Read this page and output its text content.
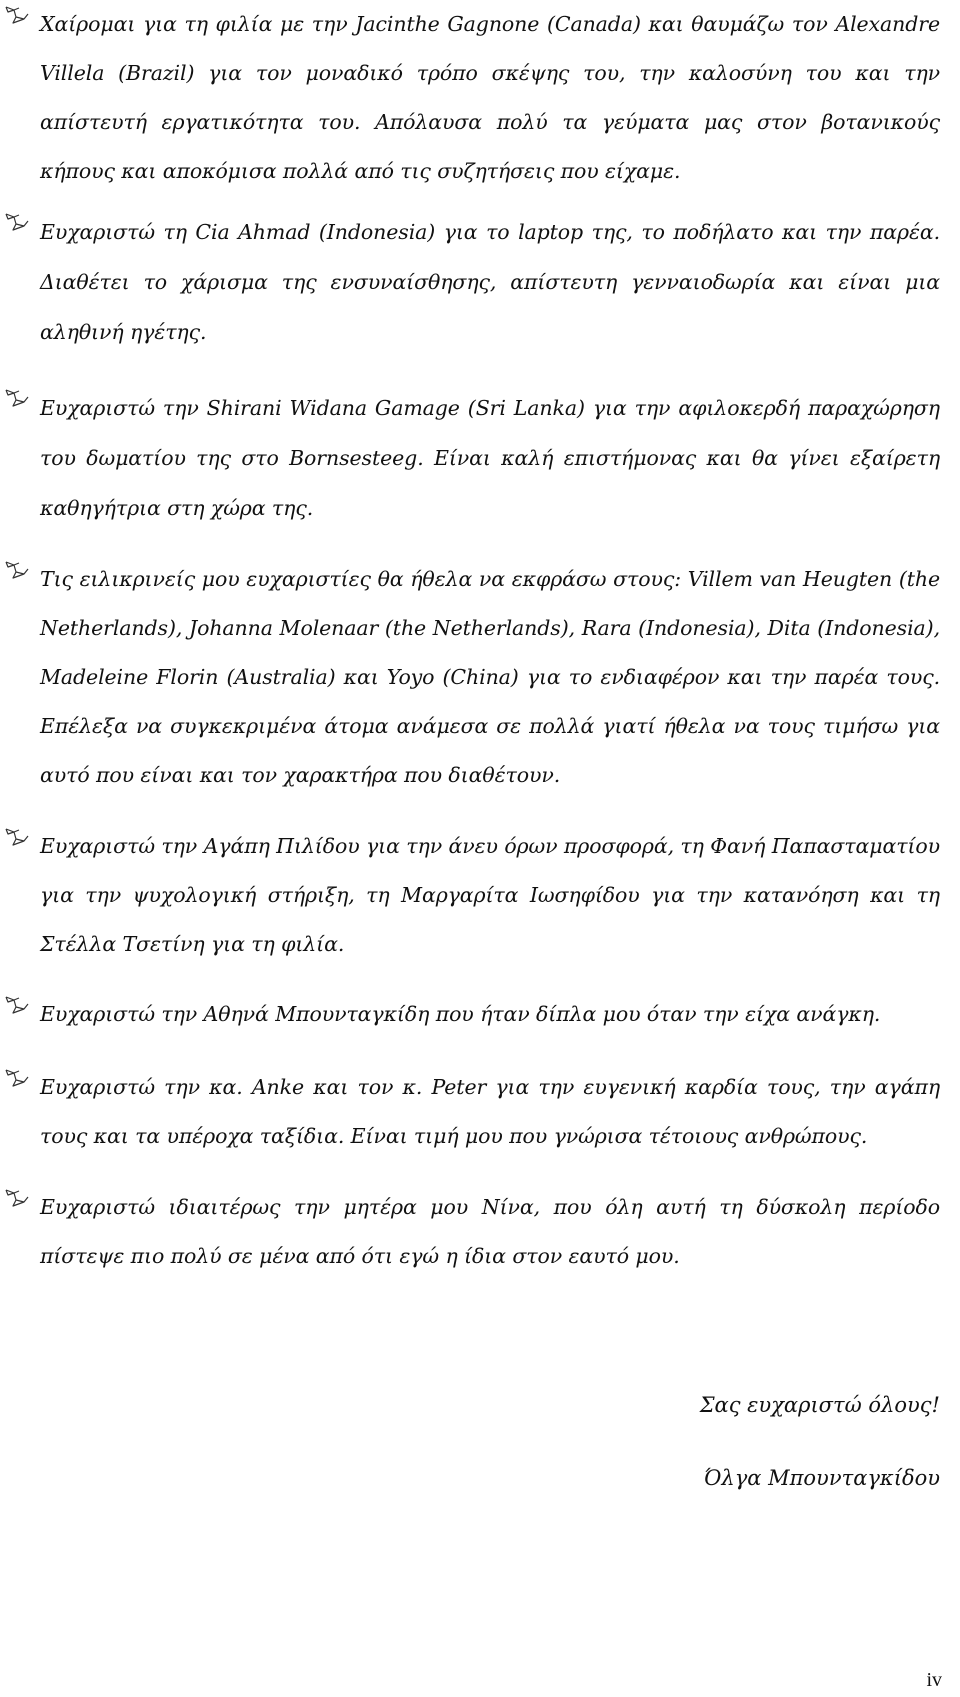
Χαίρομαι για τη φιλία με την Jacinthe Gagnone (Canada) και θαυμάζω τον Alexandre Villela (Brazil) για τον μοναδικό τρόπο σκέψης του, την καλοσύνη του και την απίστευτή εργατικότητα του. Απόλαυσα πολύ τα γεύματα μας στον βοτανικούς κήπους και αποκόμισα πολλά από τις συζητήσεις που είχαμε.

Ευχαριστώ τη Cia Ahmad (Indonesia) για το laptop της, το ποδήλατο και την παρέα. Διαθέτει το χάρισμα της ενσυναίσθησης, απίστευτη γενναιοδωρία και είναι μια αληθινή ηγέτης.

Ευχαριστώ την Shirani Widana Gamage (Sri Lanka) για την αφιλοκερδή παραχώρηση του δωματίου της στο Bornsesteeg. Είναι καλή επιστήμονας και θα γίνει εξαίρετη καθηγήτρια στη χώρα της.

Τις ειλικρινείς μου ευχαριστίες θα ήθελα να εκφράσω στους: Villem van Heugten (the Netherlands), Johanna Molenaar (the Netherlands), Rara (Indonesia), Dita (Indonesia), Madeleine Florin (Australia) και Yoyo (China) για το ενδιαφέρον και την παρέα τους. Επέλεξα να συγκεκριμένα άτομα ανάμεσα σε πολλά γιατί ήθελα να τους τιμήσω για αυτό που είναι και τον χαρακτήρα που διαθέτουν.

Ευχαριστώ την Αγάπη Πιλίδου για την άνευ όρων προσφορά, τη Φανή Παπασταματίου για την ψυχολογική στήριξη, τη Μαργαρίτα Ιωσηφίδου για την κατανόηση και τη Στέλλα Τσετίνη για τη φιλία.

Ευχαριστώ την Αθηνά Μπουνταγκίδη που ήταν δίπλα μου όταν την είχα ανάγκη.

Ευχαριστώ την κα. Anke και τον κ. Peter για την ευγενική καρδία τους, την αγάπη τους και τα υπέροχα ταξίδια. Είναι τιμή μου που γνώρισα τέτοιους ανθρώπους.

Ευχαριστώ ιδιαιτέρως την μητέρα μου Νίνα, που όλη αυτή τη δύσκολη περίοδο πίστεψε πιο πολύ σε μένα από ότι εγώ η ίδια στον εαυτό μου.

Σας ευχαριστώ όλους!
Όλγα Μπουνταγκίδου
iv
